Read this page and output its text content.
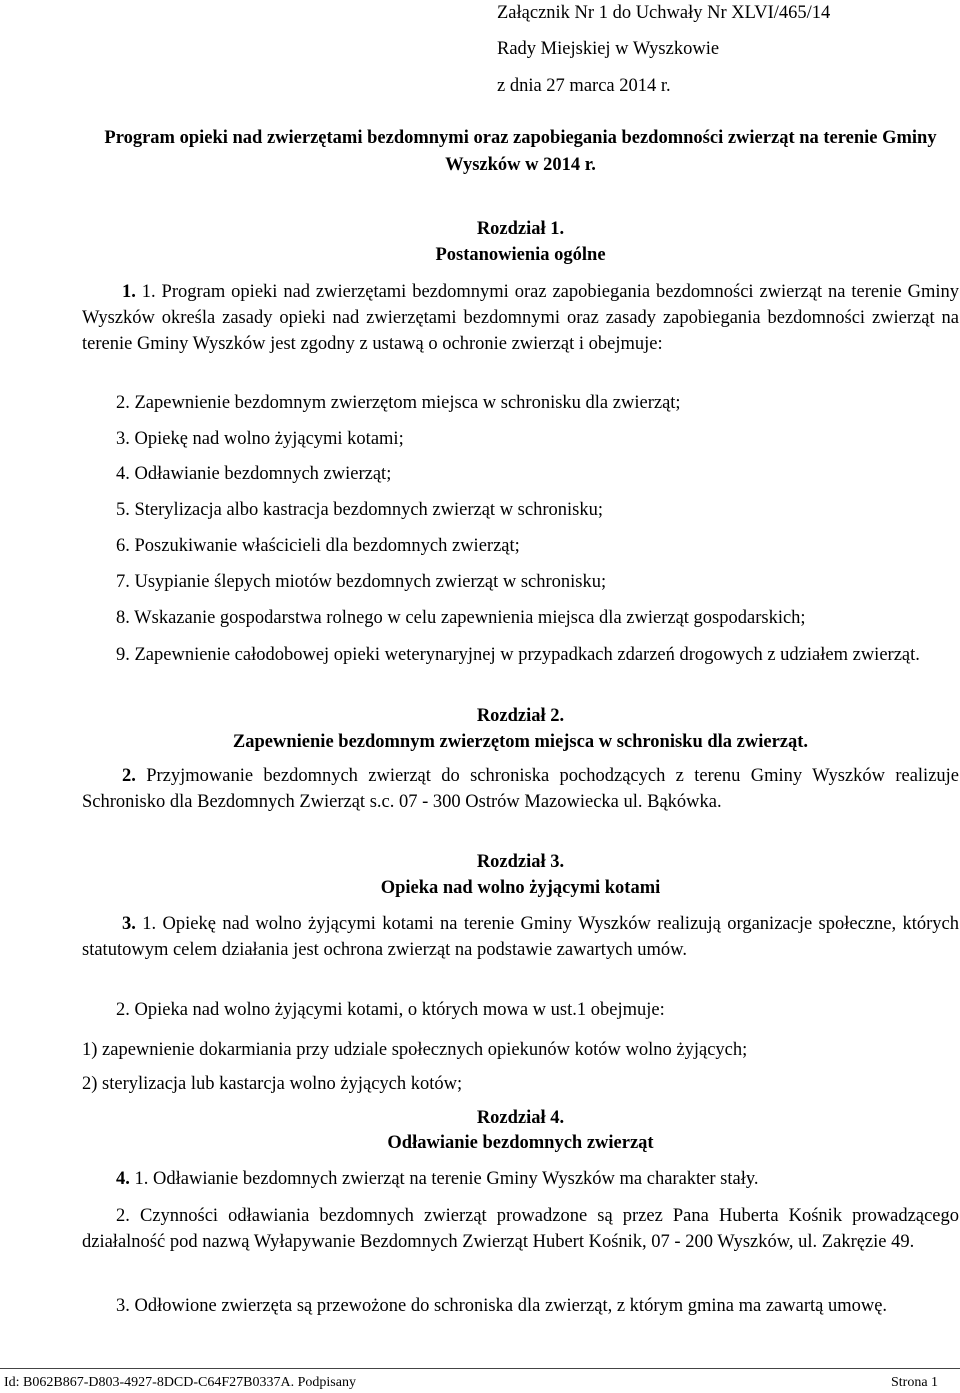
Załącznik Nr 1 do Uchwały Nr XLVI/465/14
Rady Miejskiej w Wyszkowie
z dnia 27 marca 2014 r.
Program opieki nad zwierzętami bezdomnymi oraz zapobiegania bezdomności zwierząt na terenie Gminy Wyszków w 2014 r.
Rozdział 1.
Postanowienia ogólne
1. 1. Program opieki nad zwierzętami bezdomnymi oraz zapobiegania bezdomności zwierząt na terenie Gminy Wyszków określa zasady opieki nad zwierzętami bezdomnymi oraz zasady zapobiegania bezdomności zwierząt na terenie Gminy Wyszków jest zgodny z ustawą o ochronie zwierząt i obejmuje:
2. Zapewnienie bezdomnym zwierzętom miejsca w schronisku dla zwierząt;
3. Opiekę nad wolno żyjącymi kotami;
4. Odławianie bezdomnych zwierząt;
5. Sterylizacja albo kastracja bezdomnych zwierząt w schronisku;
6. Poszukiwanie właścicieli dla bezdomnych zwierząt;
7. Usypianie ślepych miotów bezdomnych zwierząt w schronisku;
8. Wskazanie gospodarstwa rolnego w celu zapewnienia miejsca dla zwierząt gospodarskich;
9. Zapewnienie całodobowej opieki weterynaryjnej w przypadkach zdarzeń drogowych z udziałem zwierząt.
Rozdział 2.
Zapewnienie bezdomnym zwierzętom miejsca w schronisku dla zwierząt.
2. Przyjmowanie bezdomnych zwierząt do schroniska pochodzących z terenu Gminy Wyszków realizuje Schronisko dla Bezdomnych Zwierząt s.c. 07 - 300 Ostrów Mazowiecka ul. Bąkówka.
Rozdział 3.
Opieka nad wolno żyjącymi kotami
3. 1. Opiekę nad wolno żyjącymi kotami na terenie Gminy Wyszków realizują organizacje społeczne, których statutowym celem działania jest ochrona zwierząt na podstawie zawartych umów.
2. Opieka nad wolno żyjącymi kotami, o których mowa w ust.1 obejmuje:
1) zapewnienie dokarmiania przy udziale społecznych opiekunów kotów wolno żyjących;
2) sterylizacja lub kastarcja wolno żyjących kotów;
Rozdział 4.
Odławianie bezdomnych zwierząt
4. 1. Odławianie bezdomnych zwierząt na terenie Gminy Wyszków ma charakter stały.
2. Czynności odławiania bezdomnych zwierząt prowadzone są przez Pana Huberta Kośnik prowadzącego działalność pod nazwą Wyłapywanie Bezdomnych Zwierząt Hubert Kośnik, 07 - 200 Wyszków, ul. Zakręzie 49.
3. Odłowione zwierzęta są przewożone do schroniska dla zwierząt, z którym gmina ma zawartą umowę.
Id: B062B867-D803-4927-8DCD-C64F27B0337A. Podpisany	Strona 1
